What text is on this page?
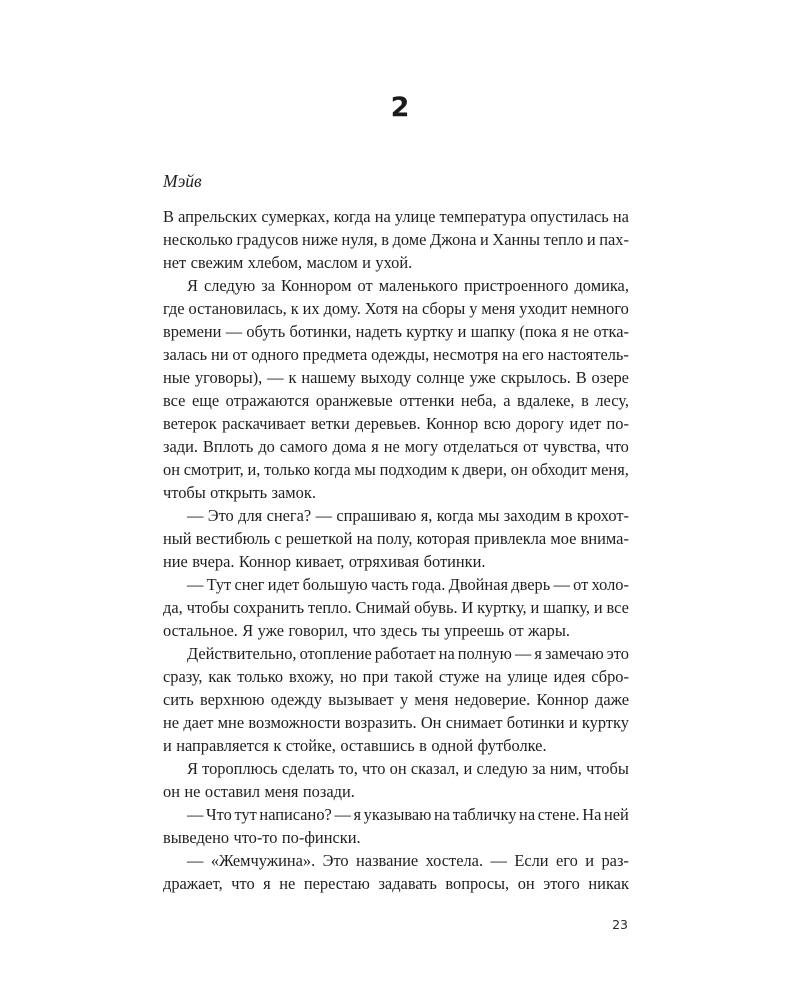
2
Мэйв
В апрельских сумерках, когда на улице температура опустилась на
несколько градусов ниже нуля, в доме Джона и Ханны тепло и пах-
нет свежим хлебом, маслом и ухой.
Я следую за Коннором от маленького пристроенного домика,
где остановилась, к их дому. Хотя на сборы у меня уходит немного
времени — обуть ботинки, надеть куртку и шапку (пока я не отка-
залась ни от одного предмета одежды, несмотря на его настоятель-
ные уговоры), — к нашему выходу солнце уже скрылось. В озере
все еще отражаются оранжевые оттенки неба, а вдалеке, в лесу,
ветерок раскачивает ветки деревьев. Коннор всю дорогу идет по-
зади. Вплоть до самого дома я не могу отделаться от чувства, что
он смотрит, и, только когда мы подходим к двери, он обходит меня,
чтобы открыть замок.
— Это для снега? — спрашиваю я, когда мы заходим в крохот-
ный вестибюль с решеткой на полу, которая привлекла мое внима-
ние вчера. Коннор кивает, отряхивая ботинки.
— Тут снег идет большую часть года. Двойная дверь — от холо-
да, чтобы сохранить тепло. Снимай обувь. И куртку, и шапку, и все
остальное. Я уже говорил, что здесь ты упреешь от жары.
Действительно, отопление работает на полную — я замечаю это
сразу, как только вхожу, но при такой стуже на улице идея сбро-
сить верхнюю одежду вызывает у меня недоверие. Коннор даже
не дает мне возможности возразить. Он снимает ботинки и куртку
и направляется к стойке, оставшись в одной футболке.
Я тороплюсь сделать то, что он сказал, и следую за ним, чтобы
он не оставил меня позади.
— Что тут написано? — я указываю на табличку на стене. На ней
выведено что-то по-фински.
— «Жемчужина». Это название хостела. — Если его и раз-
дражает, что я не перестаю задавать вопросы, он этого никак
23
